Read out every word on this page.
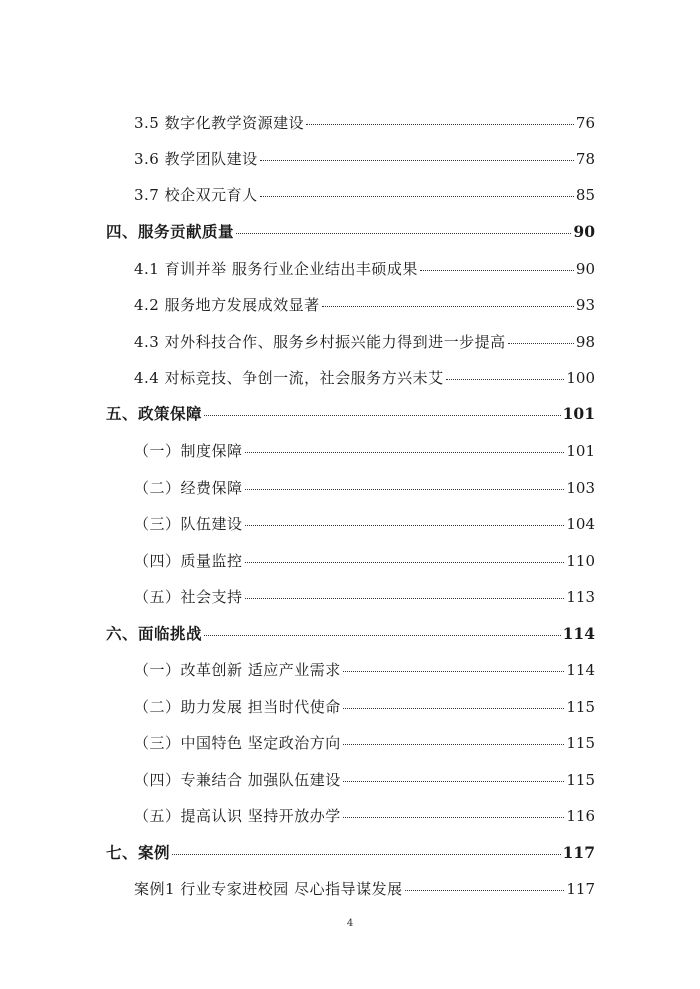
3.5 数字化教学资源建设	76
3.6 教学团队建设	78
3.7 校企双元育人	85
四、服务贡献质量	90
4.1 育训并举 服务行业企业结出丰硕成果	90
4.2 服务地方发展成效显著	93
4.3 对外科技合作、服务乡村振兴能力得到进一步提高	98
4.4 对标竞技、争创一流，社会服务方兴未艾	100
五、政策保障	101
（一）制度保障	101
（二）经费保障	103
（三）队伍建设	104
（四）质量监控	110
（五）社会支持	113
六、面临挑战	114
（一）改革创新 适应产业需求	114
（二）助力发展 担当时代使命	115
（三）中国特色 坚定政治方向	115
（四）专兼结合 加强队伍建设	115
（五）提高认识 坚持开放办学	116
七、案例	117
案例1 行业专家进校园 尽心指导谋发展	117
4
